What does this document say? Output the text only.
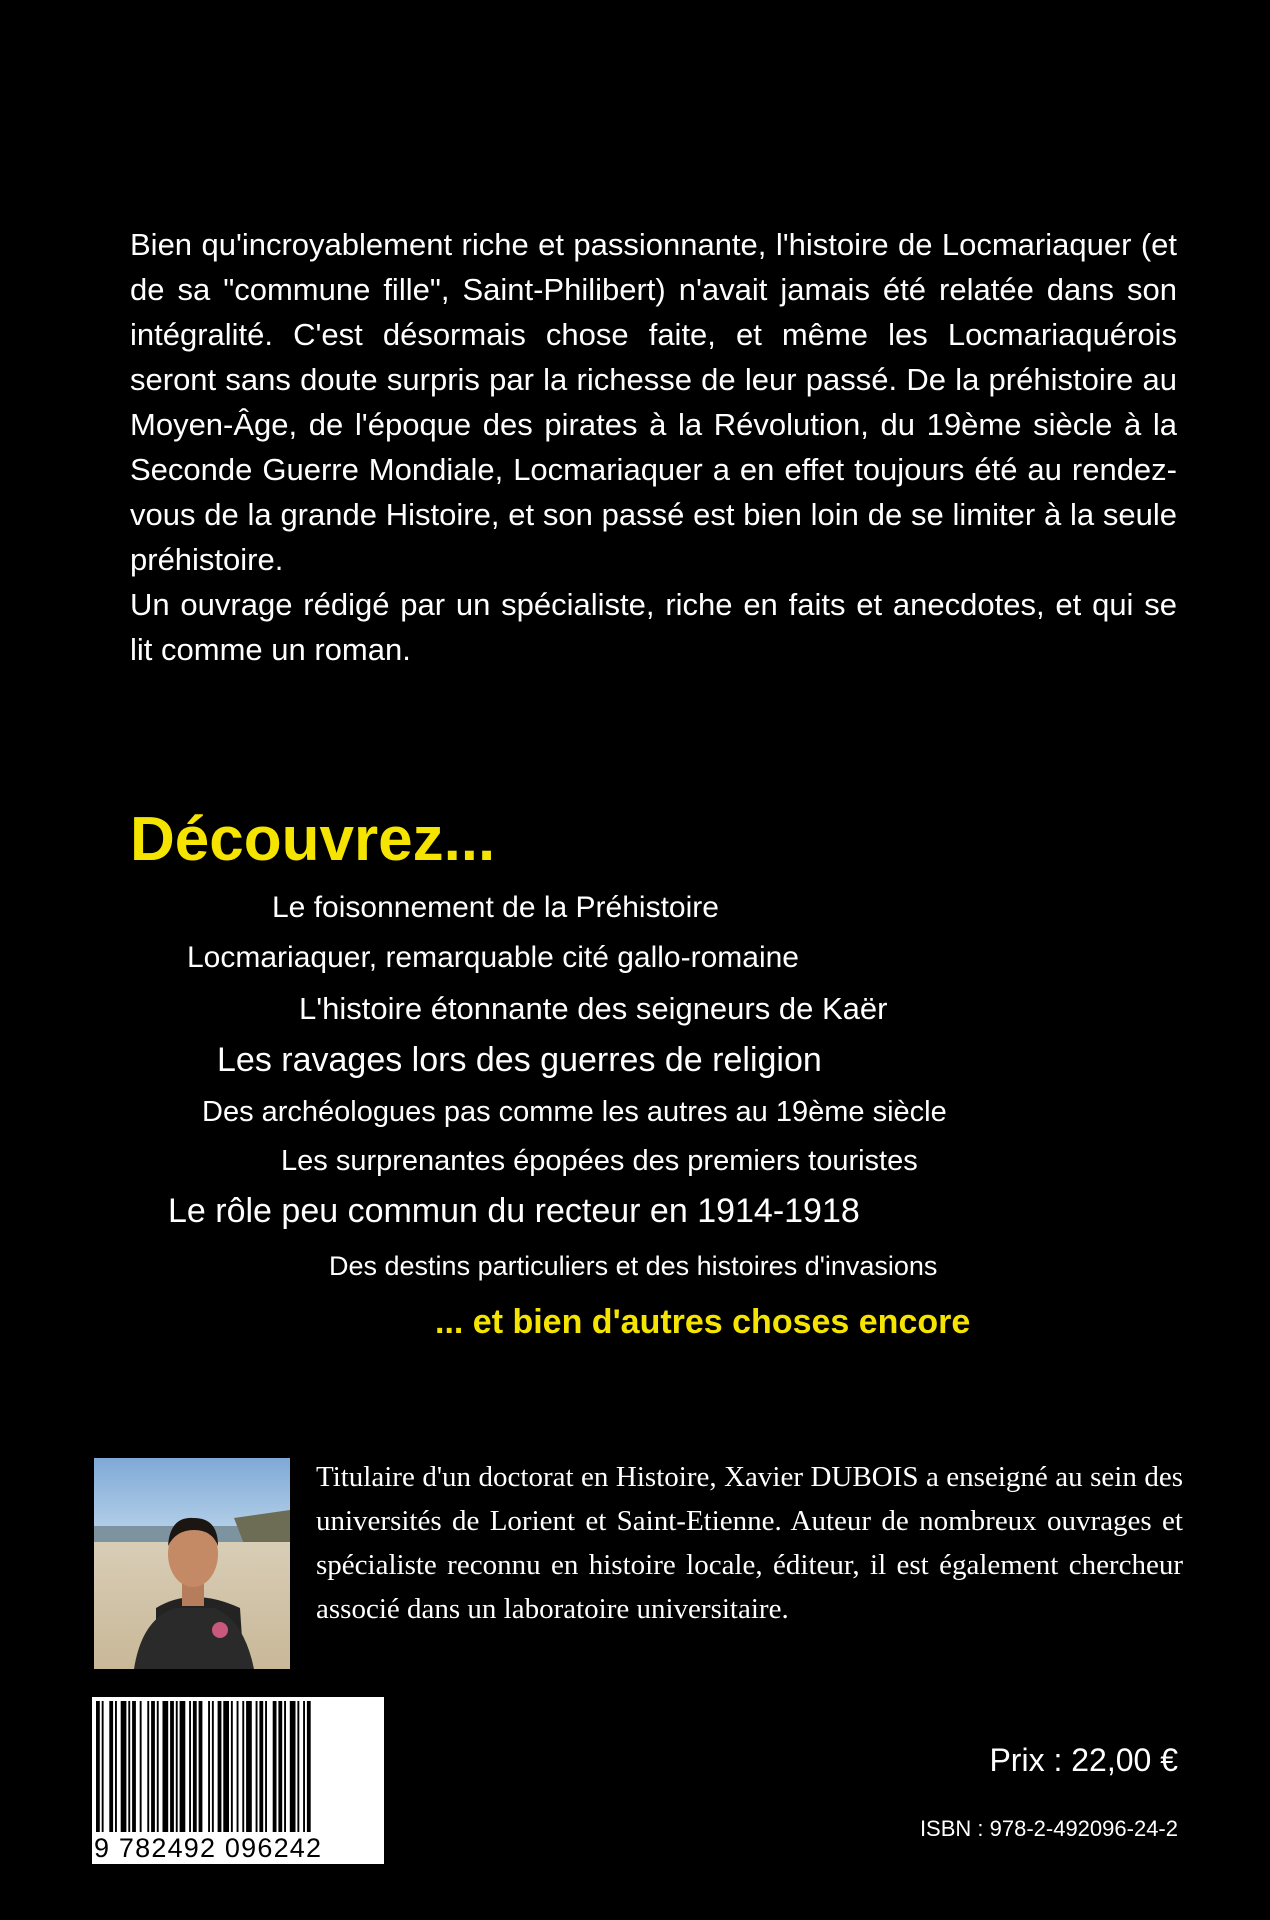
Bien qu'incroyablement riche et passionnante, l'histoire de Locmariaquer (et de sa "commune fille", Saint-Philibert) n'avait jamais été relatée dans son intégralité. C'est désormais chose faite, et même les Locmariaquérois seront sans doute surpris par la richesse de leur passé. De la préhistoire au Moyen-Âge, de l'époque des pirates à la Révolution, du 19ème siècle à la Seconde Guerre Mondiale, Locmariaquer a en effet toujours été au rendez-vous de la grande Histoire, et son passé est bien loin de se limiter à la seule préhistoire.

Un ouvrage rédigé par un spécialiste, riche en faits et anecdotes, et qui se lit comme un roman.

Découvrez...
Le foisonnement de la Préhistoire
Locmariaquer, remarquable cité gallo-romaine
L'histoire étonnante des seigneurs de Kaër
Les ravages lors des guerres de religion
Des archéologues pas comme les autres au 19ème siècle
Les surprenantes épopées des premiers touristes
Le rôle peu commun du recteur en 1914-1918
Des destins particuliers et des histoires d'invasions
... et bien d'autres choses encore

Titulaire d'un doctorat en Histoire, Xavier DUBOIS a enseigné au sein des universités de Lorient et Saint-Etienne. Auteur de nombreux ouvrages et spécialiste reconnu en histoire locale, éditeur, il est également chercheur associé dans un laboratoire universitaire.

9 782492 096242
Prix : 22,00 €
ISBN : 978-2-492096-24-2
